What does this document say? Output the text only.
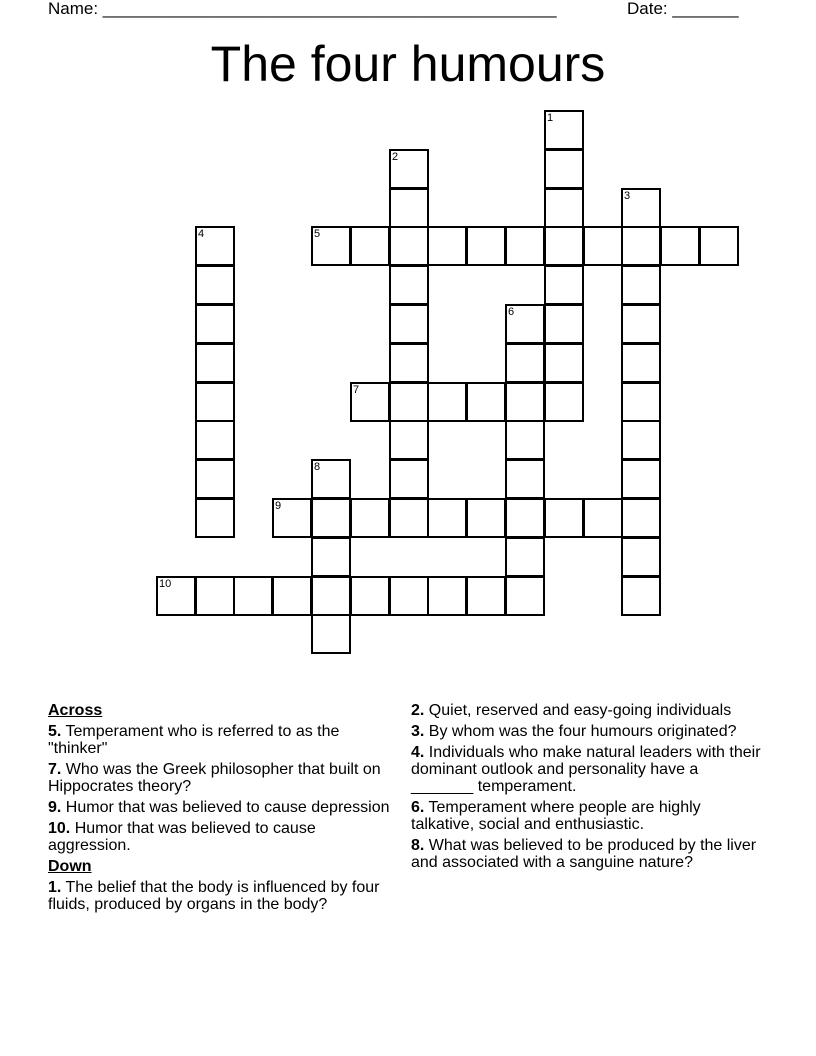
Name: ________________________________________________	Date: _______
The four humours
1
2
3
4	5
6
7
8
9
10
Across
5. Temperament who is referred to as the "thinker"
7. Who was the Greek philosopher that built on Hippocrates theory?
9. Humor that was believed to cause depression
10. Humor that was believed to cause aggression.
Down
1. The belief that the body is influenced by four fluids, produced by organs in the body?
2. Quiet, reserved and easy-going individuals
3. By whom was the four humours originated?
4. Individuals who make natural leaders with their dominant outlook and personality have a _______ temperament.
6. Temperament where people are highly talkative, social and enthusiastic.
8. What was believed to be produced by the liver and associated with a sanguine nature?
